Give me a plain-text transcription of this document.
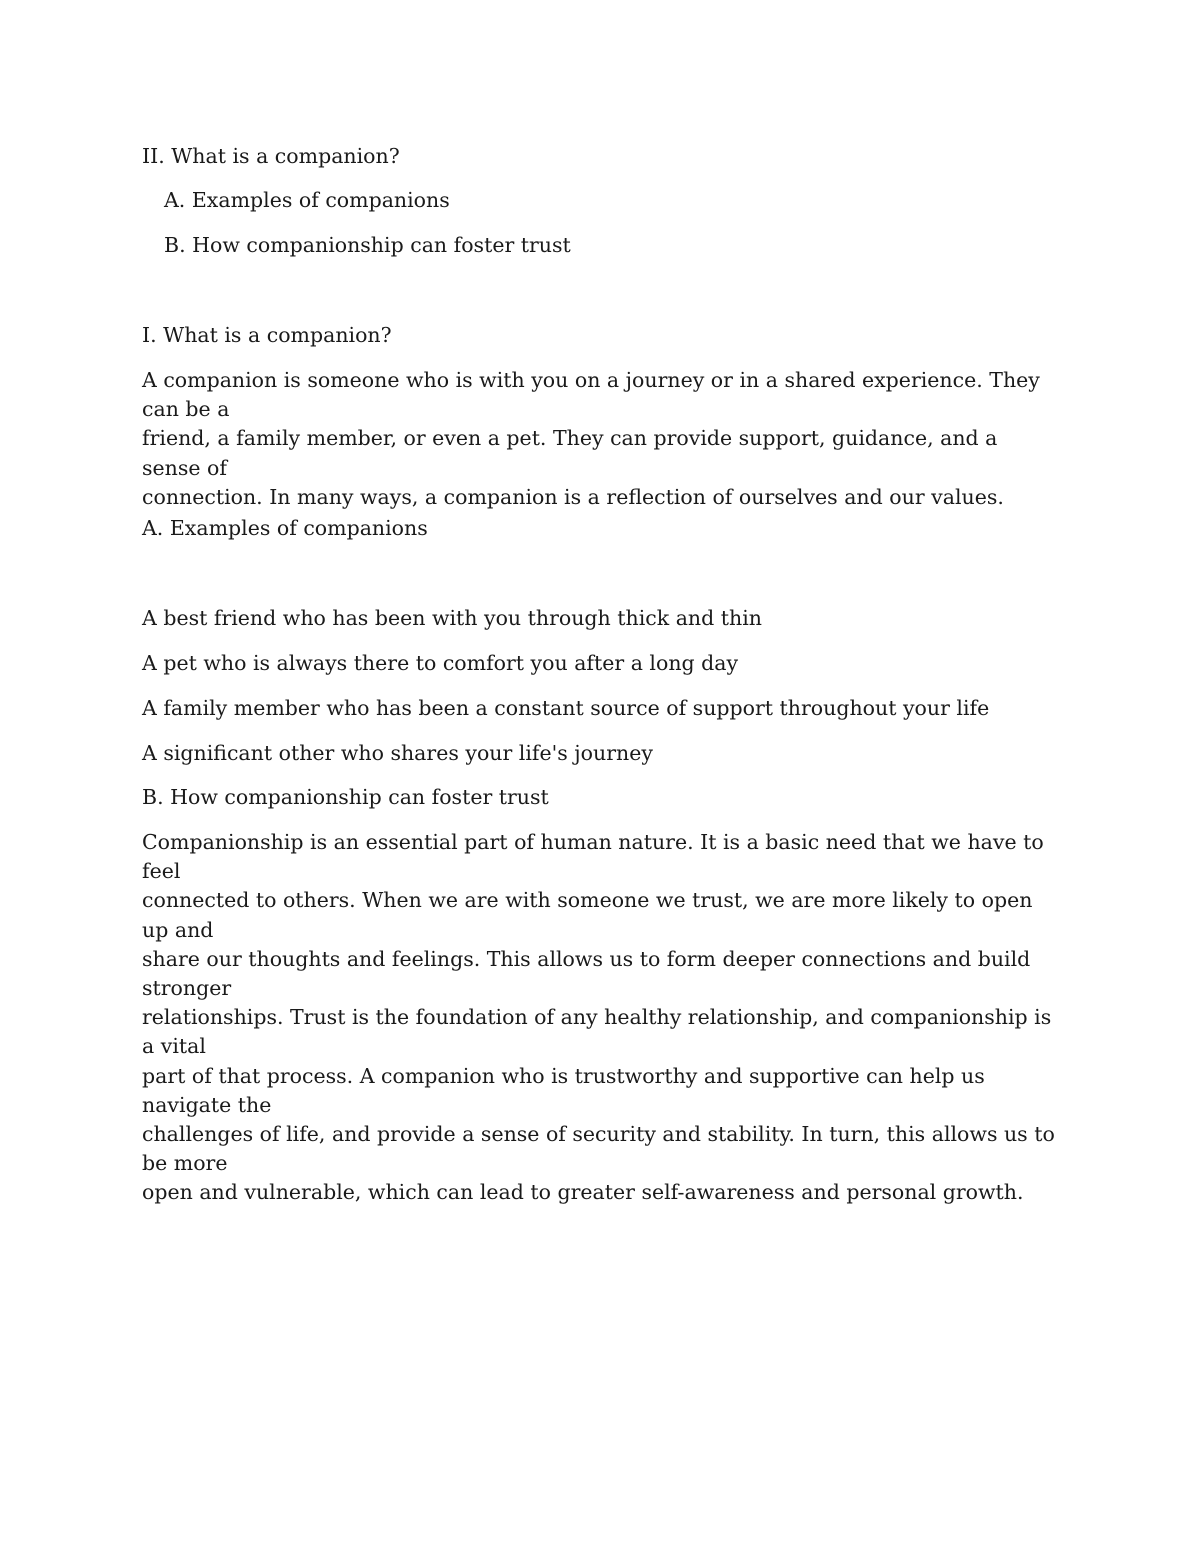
II. What is a companion?
A. Examples of companions
B. How companionship can foster trust
I. What is a companion?
A companion is someone who is with you on a journey or in a shared experience. They can be a
friend, a family member, or even a pet. They can provide support, guidance, and a sense of
connection. In many ways, a companion is a reflection of ourselves and our values.
A. Examples of companions
A best friend who has been with you through thick and thin
A pet who is always there to comfort you after a long day
A family member who has been a constant source of support throughout your life
A significant other who shares your life's journey
B. How companionship can foster trust
Companionship is an essential part of human nature. It is a basic need that we have to feel
connected to others. When we are with someone we trust, we are more likely to open up and
share our thoughts and feelings. This allows us to form deeper connections and build stronger
relationships. Trust is the foundation of any healthy relationship, and companionship is a vital
part of that process. A companion who is trustworthy and supportive can help us navigate the
challenges of life, and provide a sense of security and stability. In turn, this allows us to be more
open and vulnerable, which can lead to greater self-awareness and personal growth.
